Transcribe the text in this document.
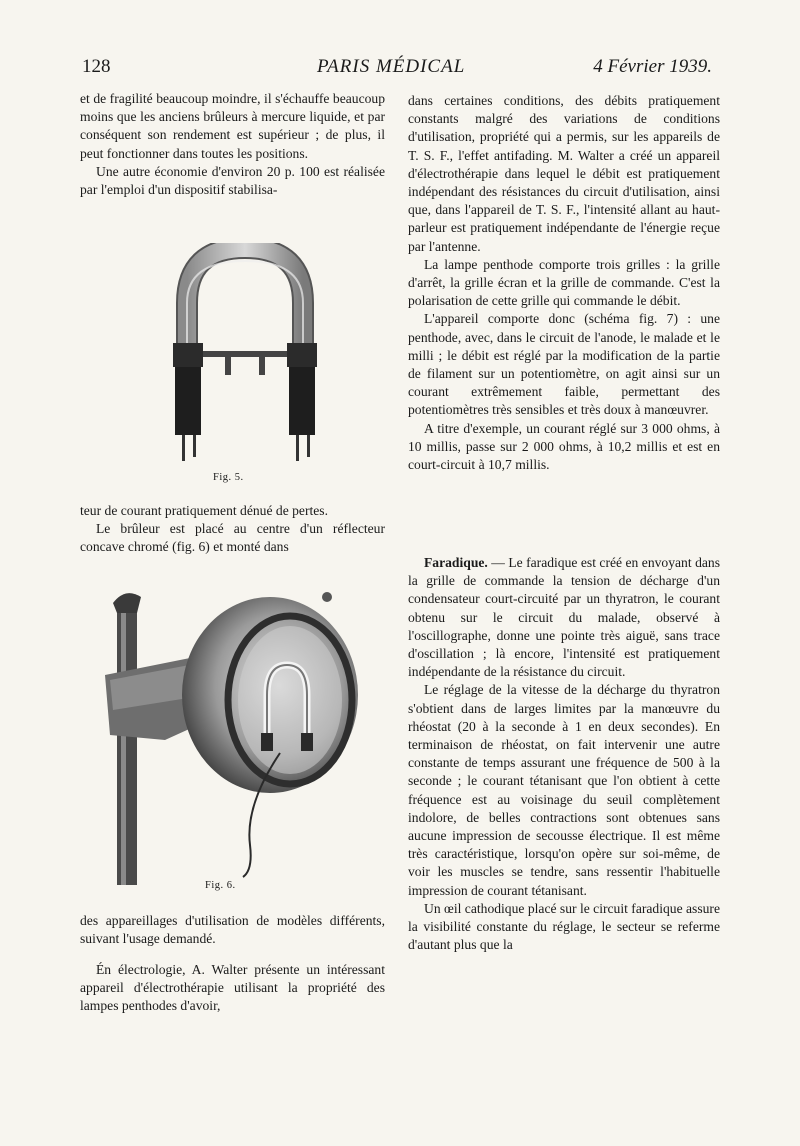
128	PARIS MÉDICAL	4 Février 1939.

et de fragilité beaucoup moindre, il s'échauffe beaucoup moins que les anciens brûleurs à mercure liquide, et par conséquent son rendement est supérieur ; de plus, il peut fonctionner dans toutes les positions.

Une autre économie d'environ 20 p. 100 est réalisée par l'emploi d'un dispositif stabilisa-

Fig. 5.

teur de courant pratiquement dénué de pertes.

Le brûleur est placé au centre d'un réflecteur concave chromé (fig. 6) et monté dans

Fig. 6.

des appareillages d'utilisation de modèles différents, suivant l'usage demandé.

Én électrologie, A. Walter présente un intéressant appareil d'électrothérapie utilisant la propriété des lampes penthodes d'avoir,

dans certaines conditions, des débits pratiquement constants malgré des variations de conditions d'utilisation, propriété qui a permis, sur les appareils de T. S. F., l'effet antifading. M. Walter a créé un appareil d'électrothérapie dans lequel le débit est pratiquement indépendant des résistances du circuit d'utilisation, ainsi que, dans l'appareil de T. S. F., l'intensité allant au haut-parleur est pratiquement indépendante de l'énergie reçue par l'antenne.

La lampe penthode comporte trois grilles : la grille d'arrêt, la grille écran et la grille de commande. C'est la polarisation de cette grille qui commande le débit.

L'appareil comporte donc (schéma fig. 7) : une penthode, avec, dans le circuit de l'anode, le malade et le milli ; le débit est réglé par la modification de la partie de filament sur un potentiomètre, on agit ainsi sur un courant extrêmement faible, permettant des potentiomètres très sensibles et très doux à manœuvrer.

A titre d'exemple, un courant réglé sur 3 000 ohms, à 10 millis, passe sur 2 000 ohms, à 10,2 millis et est en court-circuit à 10,7 millis.

Faradique. — Le faradique est créé en envoyant dans la grille de commande la tension de décharge d'un condensateur court-circuité par un thyratron, le courant obtenu sur le circuit du malade, observé à l'oscillographe, donne une pointe très aiguë, sans trace d'oscillation ; là encore, l'intensité est pratiquement indépendante de la résistance du circuit.

Le réglage de la vitesse de la décharge du thyratron s'obtient dans de larges limites par la manœuvre du rhéostat (20 à la seconde à 1 en deux secondes). En terminaison de rhéostat, on fait intervenir une autre constante de temps assurant une fréquence de 500 à la seconde ; le courant tétanisant que l'on obtient à cette fréquence est au voisinage du seuil complètement indolore, de belles contractions sont obtenues sans aucune impression de secousse électrique. Il est même très caractéristique, lorsqu'on opère sur soi-même, de voir les muscles se tendre, sans ressentir l'habituelle impression de courant tétanisant.

Un œil cathodique placé sur le circuit faradique assure la visibilité constante du réglage, le secteur se referme d'autant plus que la
